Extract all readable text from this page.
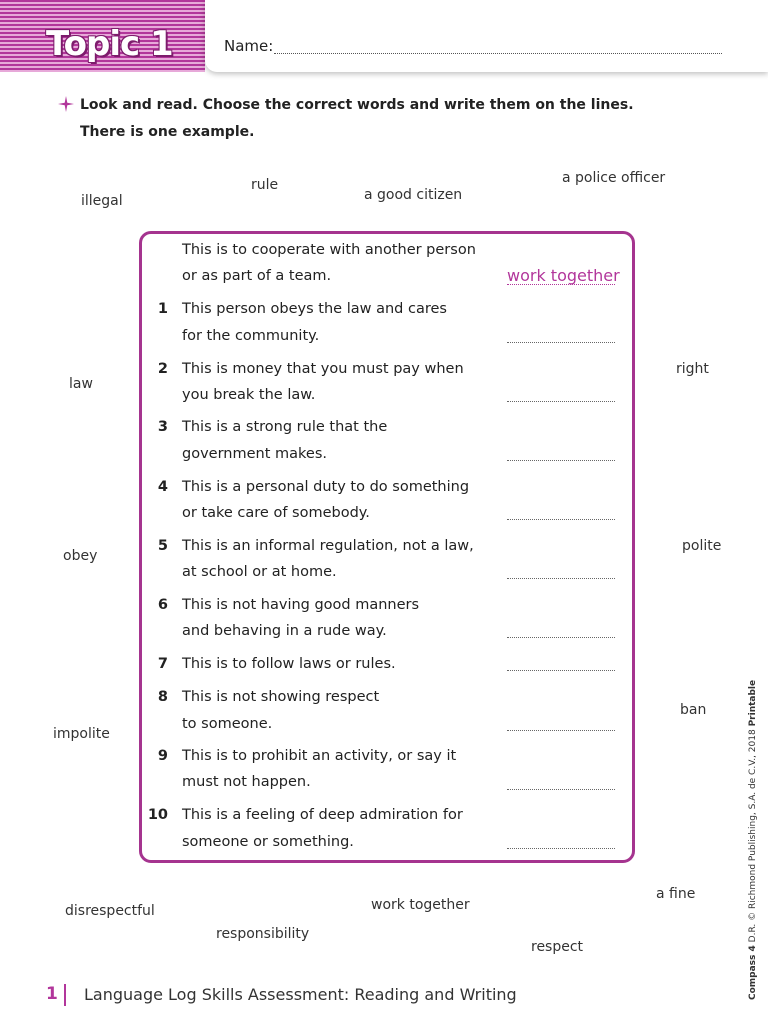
Topic 1	Name:
Look and read. Choose the correct words and write them on the lines.
There is one example.
illegal
rule
a good citizen
a police officer
law
right
obey
polite
impolite
ban
disrespectful	work together
a fine
responsibility
respect
This is to cooperate with another person
or as part of a team.	work together
1 This person obeys the law and cares
for the community.
2 This is money that you must pay when
you break the law.
3 This is a strong rule that the
government makes.
4 This is a personal duty to do something
or take care of somebody.
5 This is an informal regulation, not a law,
at school or at home.
6 This is not having good manners
and behaving in a rude way.
7 This is to follow laws or rules.
8 This is not showing respect
to someone.
9 This is to prohibit an activity, or say it
must not happen.
10 This is a feeling of deep admiration for
someone or something.
1 Language Log Skills Assessment: Reading and Writing	Compass 4 D.R. © Richmond Publishing, S.A. de C.V., 2018 Printable
